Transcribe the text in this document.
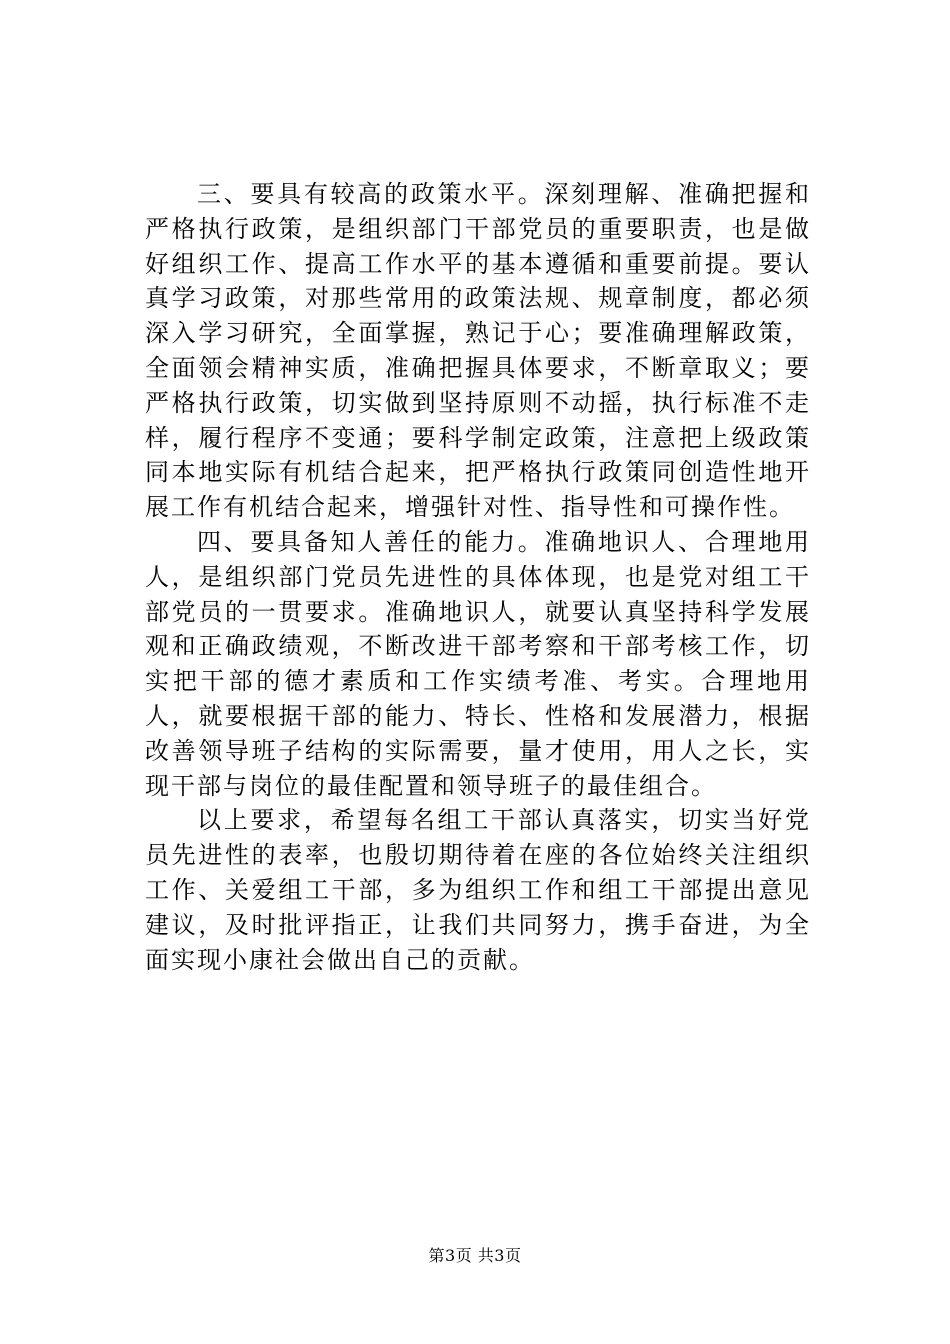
三、要具有较高的政策水平。深刻理解、准确把握和严格执行政策，是组织部门干部党员的重要职责，也是做好组织工作、提高工作水平的基本遵循和重要前提。要认真学习政策，对那些常用的政策法规、规章制度，都必须深入学习研究，全面掌握，熟记于心；要准确理解政策，全面领会精神实质，准确把握具体要求，不断章取义；要严格执行政策，切实做到坚持原则不动摇，执行标准不走样，履行程序不变通；要科学制定政策，注意把上级政策同本地实际有机结合起来，把严格执行政策同创造性地开展工作有机结合起来，增强针对性、指导性和可操作性。

四、要具备知人善任的能力。准确地识人、合理地用人，是组织部门党员先进性的具体体现，也是党对组工干部党员的一贯要求。准确地识人，就要认真坚持科学发展观和正确政绩观，不断改进干部考察和干部考核工作，切实把干部的德才素质和工作实绩考准、考实。合理地用人，就要根据干部的能力、特长、性格和发展潜力，根据改善领导班子结构的实际需要，量才使用，用人之长，实现干部与岗位的最佳配置和领导班子的最佳组合。

以上要求，希望每名组工干部认真落实，切实当好党员先进性的表率，也殷切期待着在座的各位始终关注组织工作、关爱组工干部，多为组织工作和组工干部提出意见建议，及时批评指正，让我们共同努力，携手奋进，为全面实现小康社会做出自己的贡献。

第3页 共3页
